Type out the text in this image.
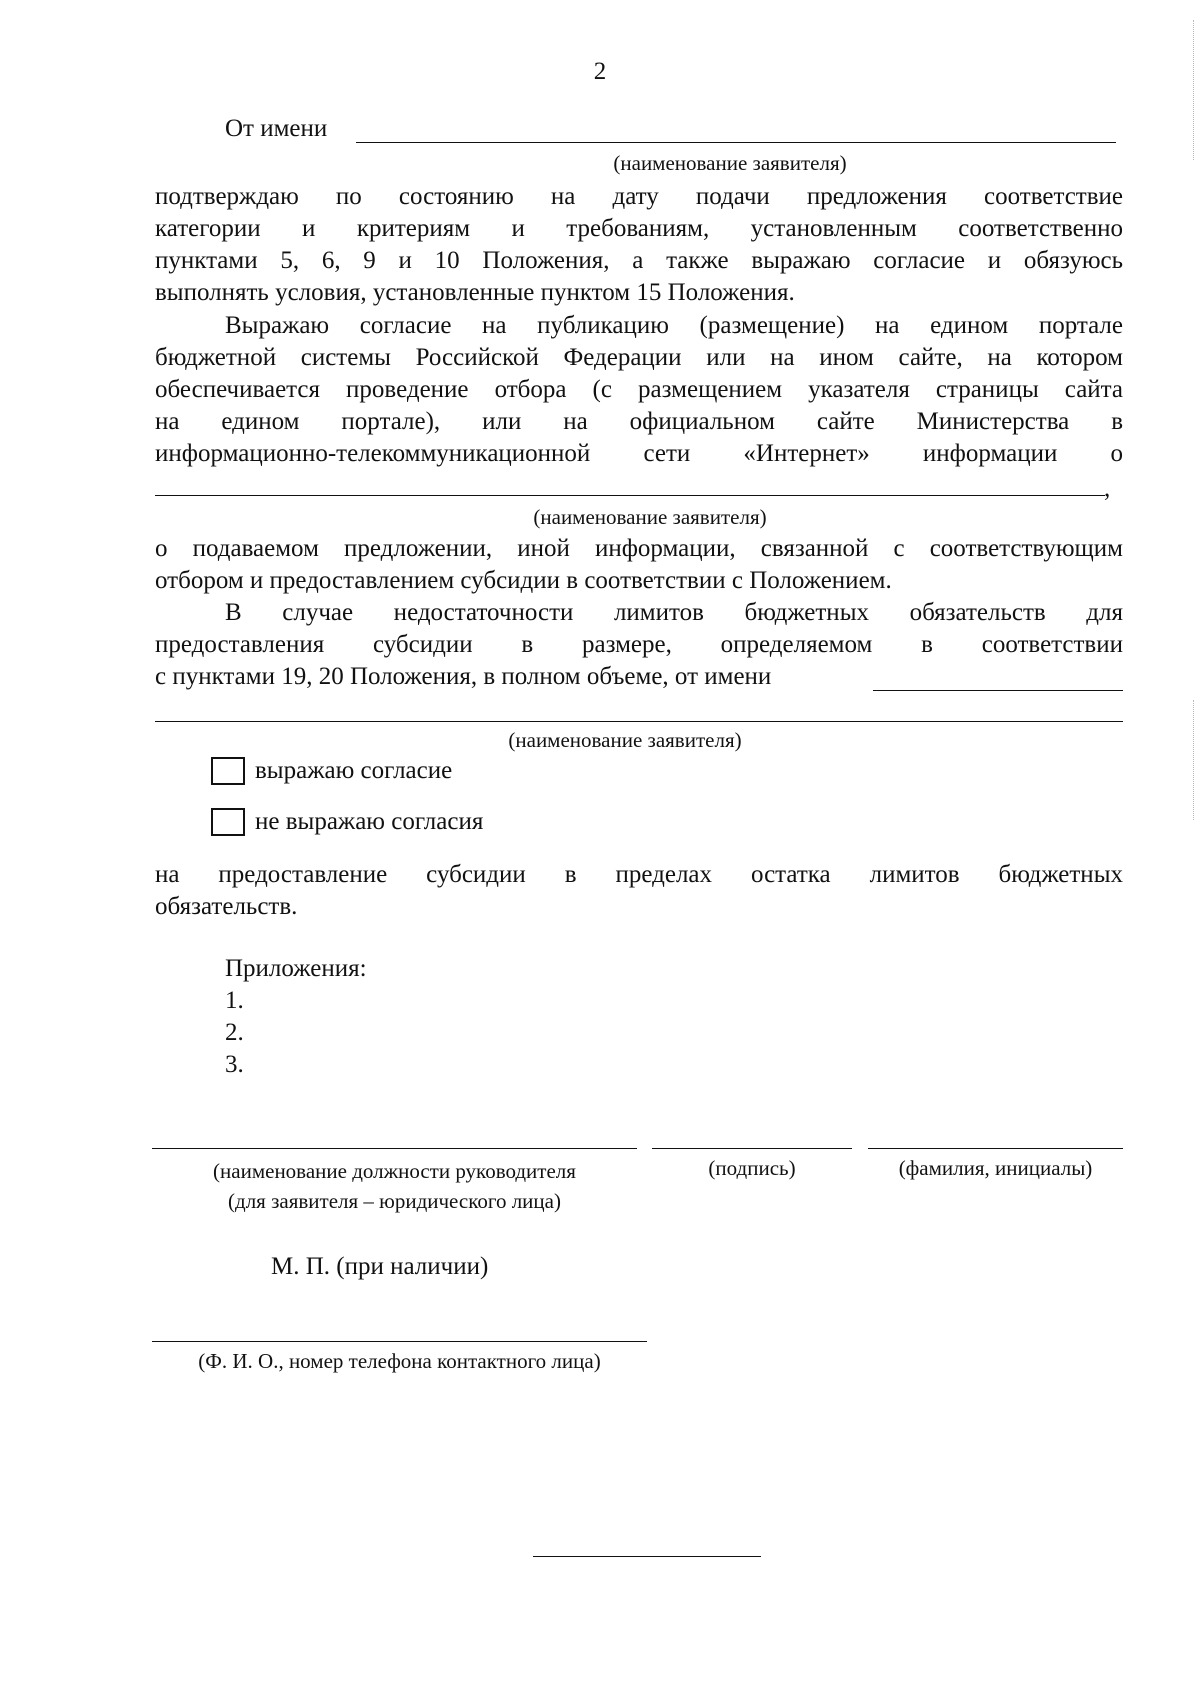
2
От имени
(наименование заявителя)
подтверждаю по состоянию на дату подачи предложения соответствие
категории и критериям и требованиям, установленным соответственно
пунктами 5, 6, 9 и 10 Положения, а также выражаю согласие и обязуюсь
выполнять условия, установленные пунктом 15 Положения.
Выражаю согласие на публикацию (размещение) на едином портале
бюджетной системы Российской Федерации или на ином сайте, на котором
обеспечивается проведение отбора (с размещением указателя страницы сайта
на едином портале), или на официальном сайте Министерства в
информационно-телекоммуникационной сети «Интернет» информации о
,
(наименование заявителя)
о подаваемом предложении, иной информации, связанной с соответствующим
отбором и предоставлением субсидии в соответствии с Положением.
В случае недостаточности лимитов бюджетных обязательств для
предоставления субсидии в размере, определяемом в соответствии
с пунктами 19, 20 Положения, в полном объеме, от имени
(наименование заявителя)
выражаю согласие
не выражаю согласия
на предоставление субсидии в пределах остатка лимитов бюджетных
обязательств.
Приложения:
1.
2.
3.
(наименование должности руководителя
(для заявителя – юридического лица)
(подпись)	(фамилия, инициалы)
М. П. (при наличии)
(Ф. И. О., номер телефона контактного лица)
